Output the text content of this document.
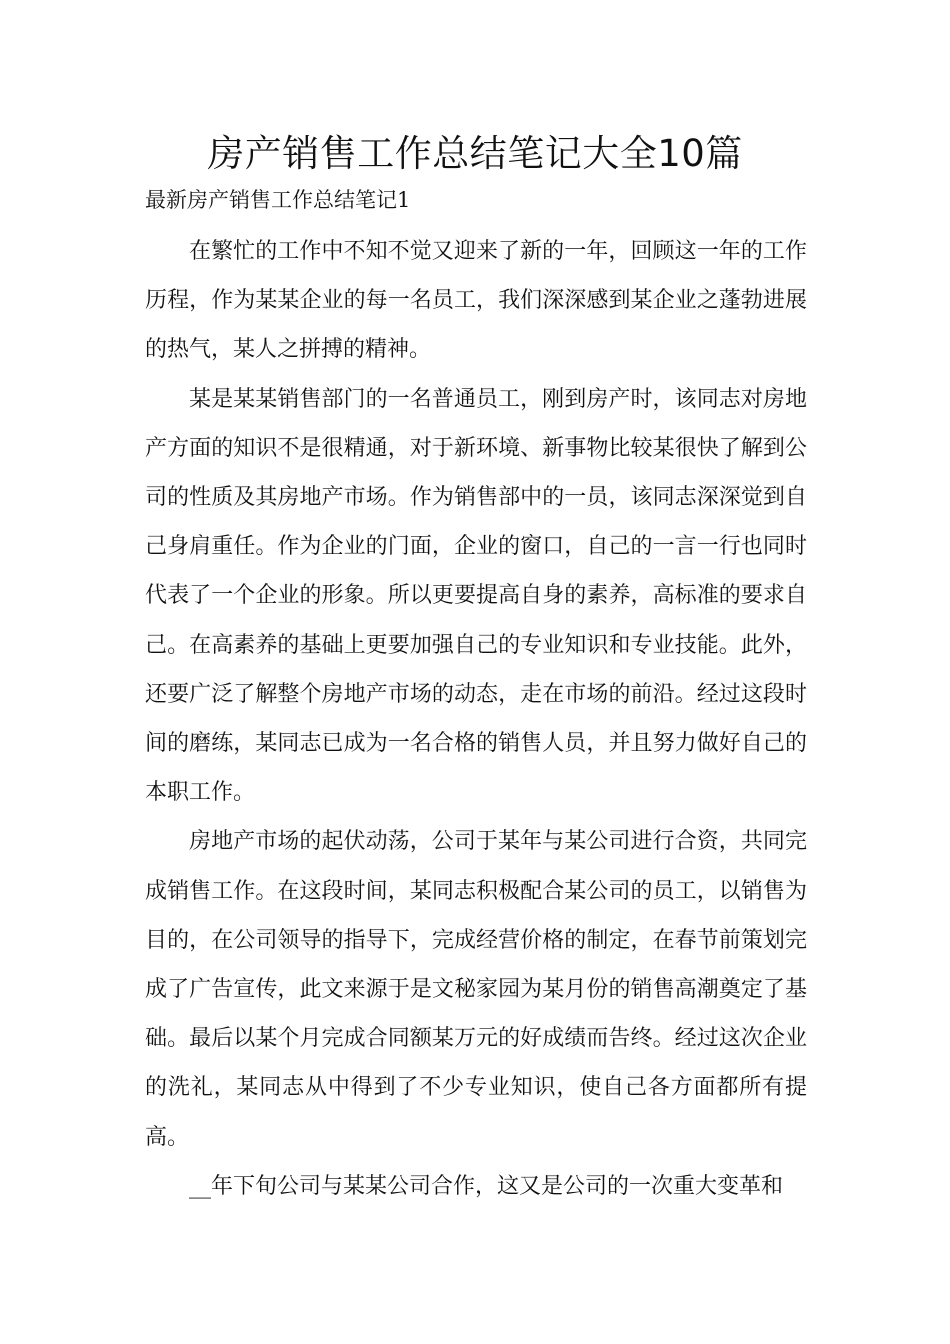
房产销售工作总结笔记大全10篇
最新房产销售工作总结笔记1

在繁忙的工作中不知不觉又迎来了新的一年，回顾这一年的工作历程，作为某某企业的每一名员工，我们深深感到某企业之蓬勃进展的热气，某人之拼搏的精神。

某是某某销售部门的一名普通员工，刚到房产时，该同志对房地产方面的知识不是很精通，对于新环境、新事物比较某很快了解到公司的性质及其房地产市场。作为销售部中的一员，该同志深深觉到自己身肩重任。作为企业的门面，企业的窗口，自己的一言一行也同时代表了一个企业的形象。所以更要提高自身的素养，高标准的要求自己。在高素养的基础上更要加强自己的专业知识和专业技能。此外，还要广泛了解整个房地产市场的动态，走在市场的前沿。经过这段时间的磨练，某同志已成为一名合格的销售人员，并且努力做好自己的本职工作。

房地产市场的起伏动荡，公司于某年与某公司进行合资，共同完成销售工作。在这段时间，某同志积极配合某公司的员工，以销售为目的，在公司领导的指导下，完成经营价格的制定，在春节前策划完成了广告宣传，此文来源于是文秘家园为某月份的销售高潮奠定了基础。最后以某个月完成合同额某万元的好成绩而告终。经过这次企业的洗礼，某同志从中得到了不少专业知识，使自己各方面都所有提高。

__年下旬公司与某某公司合作，这又是公司的一次重大变革和
